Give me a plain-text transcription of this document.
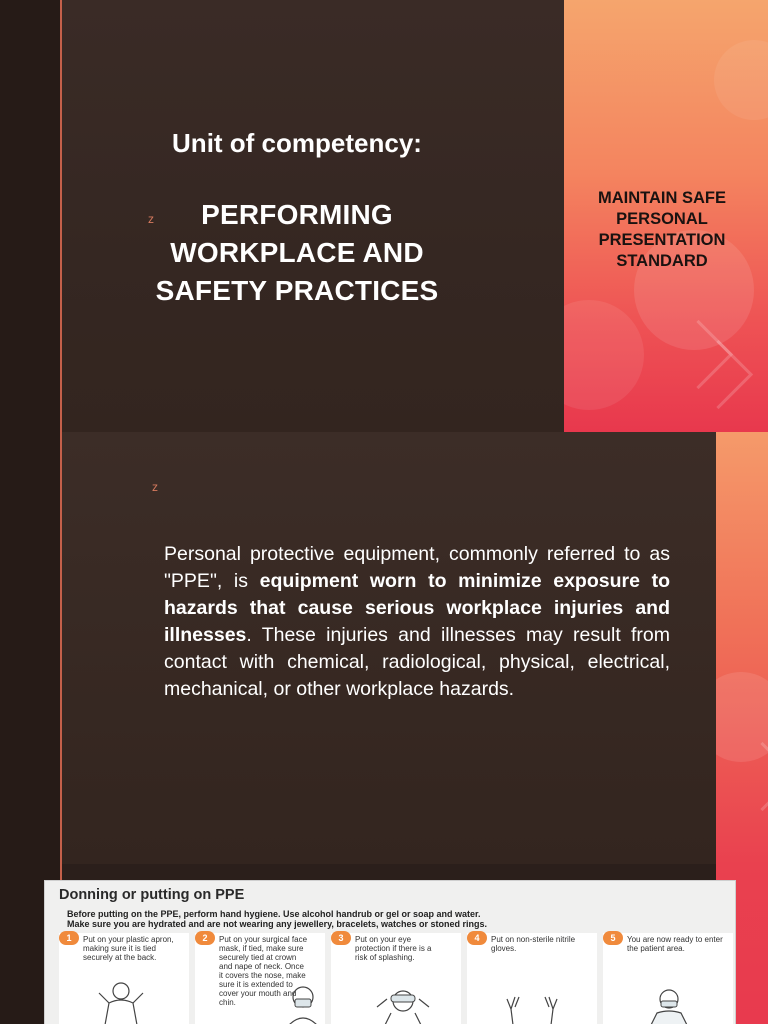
Unit of competency:
z	PERFORMING
WORKPLACE AND
SAFETY PRACTICES
MAINTAIN SAFE
PERSONAL
PRESENTATION
STANDARD
z
Personal protective equipment, commonly referred to as "PPE", is equipment worn to minimize exposure to hazards that cause serious workplace injuries and illnesses. These injuries and illnesses may result from contact with chemical, radiological, physical, electrical, mechanical, or other workplace hazards.
Donning or putting on PPE
Before putting on the PPE, perform hand hygiene. Use alcohol handrub or gel or soap and water.
Make sure you are hydrated and are not wearing any jewellery, bracelets, watches or stoned rings.
1	Put on your plastic apron, making sure it is tied securely at the back.
2	Put on your surgical face mask, if tied, make sure securely tied at crown and nape of neck. Once it covers the nose, make sure it is extended to cover your mouth and chin.
3	Put on your eye protection if there is a risk of splashing.
4	Put on non-sterile nitrile gloves.
5	You are now ready to enter the patient area.
